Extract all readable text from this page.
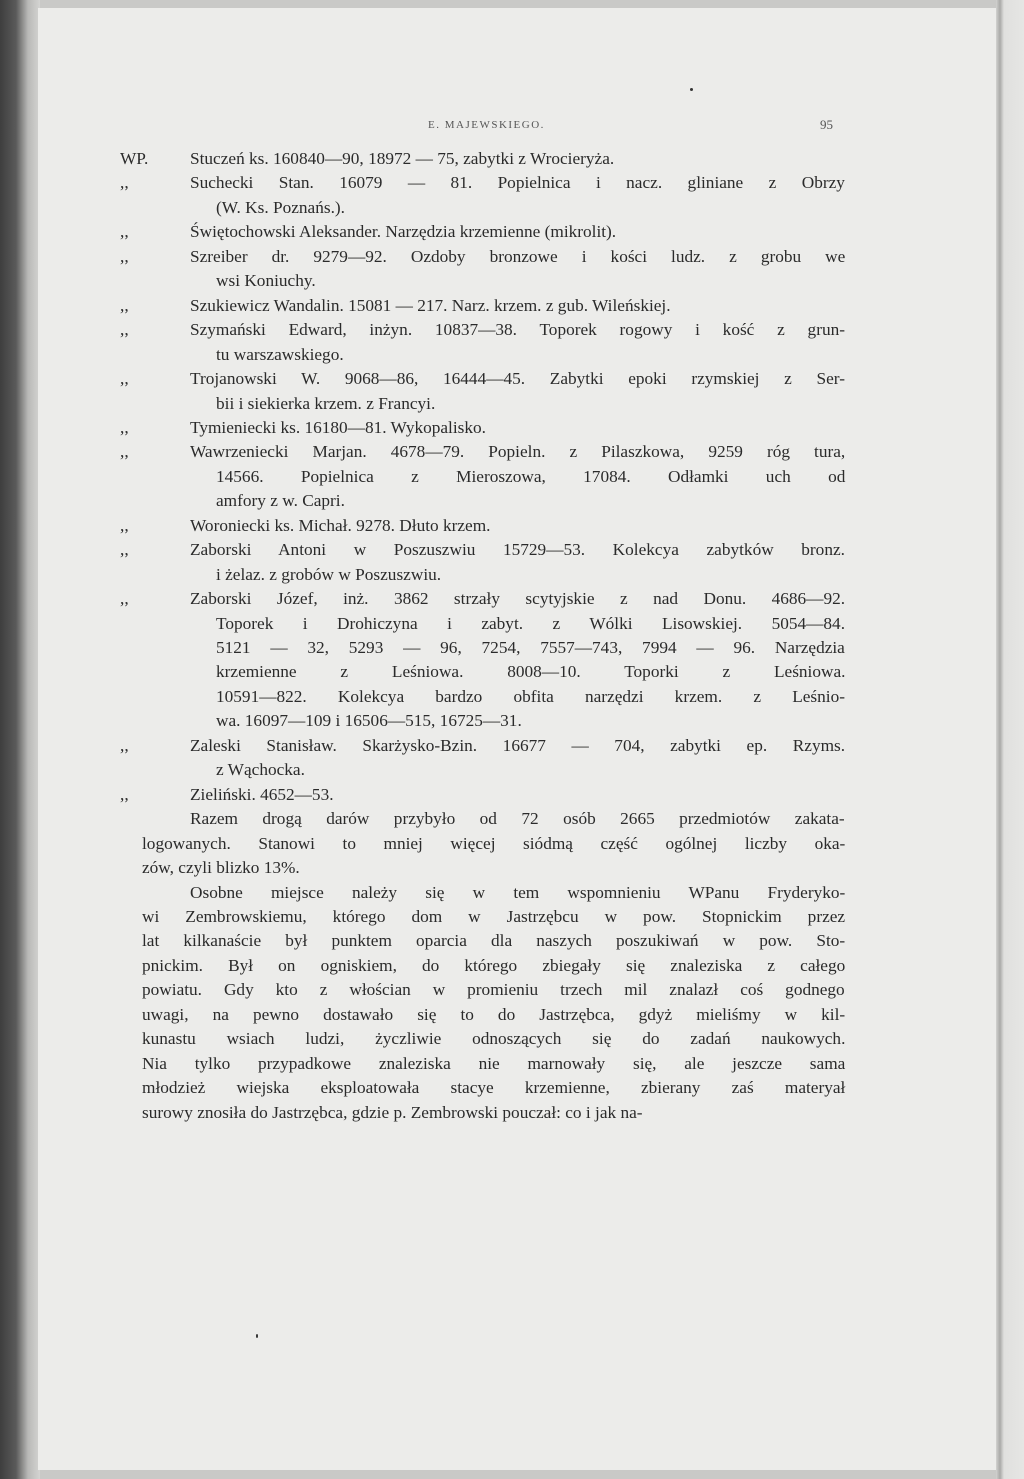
E. MAJEWSKIEGO.	95
WP. Stuczeń ks. 160840—90, 18972 — 75, zabytki z Wrocieryża.
,,	Suchecki Stan. 16079 — 81. Popielnica i nacz. gliniane z Obrzy
(W. Ks. Poznańs.).
,,	Świętochowski Aleksander. Narzędzia krzemienne (mikrolit).
,,	Szreiber dr. 9279—92. Ozdoby bronzowe i kości ludz. z grobu we
wsi Koniuchy.
,,	Szukiewicz Wandalin. 15081 — 217. Narz. krzem. z gub. Wileńskiej.
,,	Szymański Edward, inżyn. 10837—38. Toporek rogowy i kość z grun-
tu warszawskiego.
,,	Trojanowski W. 9068—86, 16444—45. Zabytki epoki rzymskiej z Ser-
bii i siekierka krzem. z Francyi.
,,	Tymieniecki ks. 16180—81. Wykopalisko.
,,	Wawrzeniecki Marjan. 4678—79. Popieln. z Pilaszkowa, 9259 róg tura,
14566. Popielnica z Mieroszowa, 17084. Odłamki uch od
amfory z w. Capri.
,,	Woroniecki ks. Michał. 9278. Dłuto krzem.
,,	Zaborski Antoni w Poszuszwiu 15729—53. Kolekcya zabytków bronz.
i żelaz. z grobów w Poszuszwiu.
,,	Zaborski Józef, inż. 3862 strzały scytyjskie z nad Donu. 4686—92.
Toporek i Drohiczyna i zabyt. z Wólki Lisowskiej. 5054—84.
5121 — 32, 5293 — 96, 7254, 7557—743, 7994 — 96. Narzędzia
krzemienne z Leśniowa. 8008—10. Toporki z Leśniowa.
10591—822. Kolekcya bardzo obfita narzędzi krzem. z Leśnio-
wa. 16097—109 i 16506—515, 16725—31.
,,	Zaleski Stanisław. Skarżysko-Bzin. 16677 — 704, zabytki ep. Rzyms.
z Wąchocka.
,,	Zieliński. 4652—53.
Razem drogą darów przybyło od 72 osób 2665 przedmiotów zakata-
logowanych. Stanowi to mniej więcej siódmą część ogólnej liczby oka-
zów, czyli blizko 13%.
Osobne miejsce należy się w tem wspomnieniu WPanu Fryderyko-
wi Zembrowskiemu, którego dom w Jastrzębcu w pow. Stopnickim przez
lat kilkanaście był punktem oparcia dla naszych poszukiwań w pow. Sto-
pnickim. Był on ogniskiem, do którego zbiegały się znaleziska z całego
powiatu. Gdy kto z włościan w promieniu trzech mil znalazł coś godnego
uwagi, na pewno dostawało się to do Jastrzębca, gdyż mieliśmy w kil-
kunastu wsiach ludzi, życzliwie odnoszących się do zadań naukowych.
Nia tylko przypadkowe znaleziska nie marnowały się, ale jeszcze sama
młodzież wiejska eksploatowała stacye krzemienne, zbierany zaś materyał
surowy znosiła do Jastrzębca, gdzie p. Zembrowski pouczał: co i jak na-
